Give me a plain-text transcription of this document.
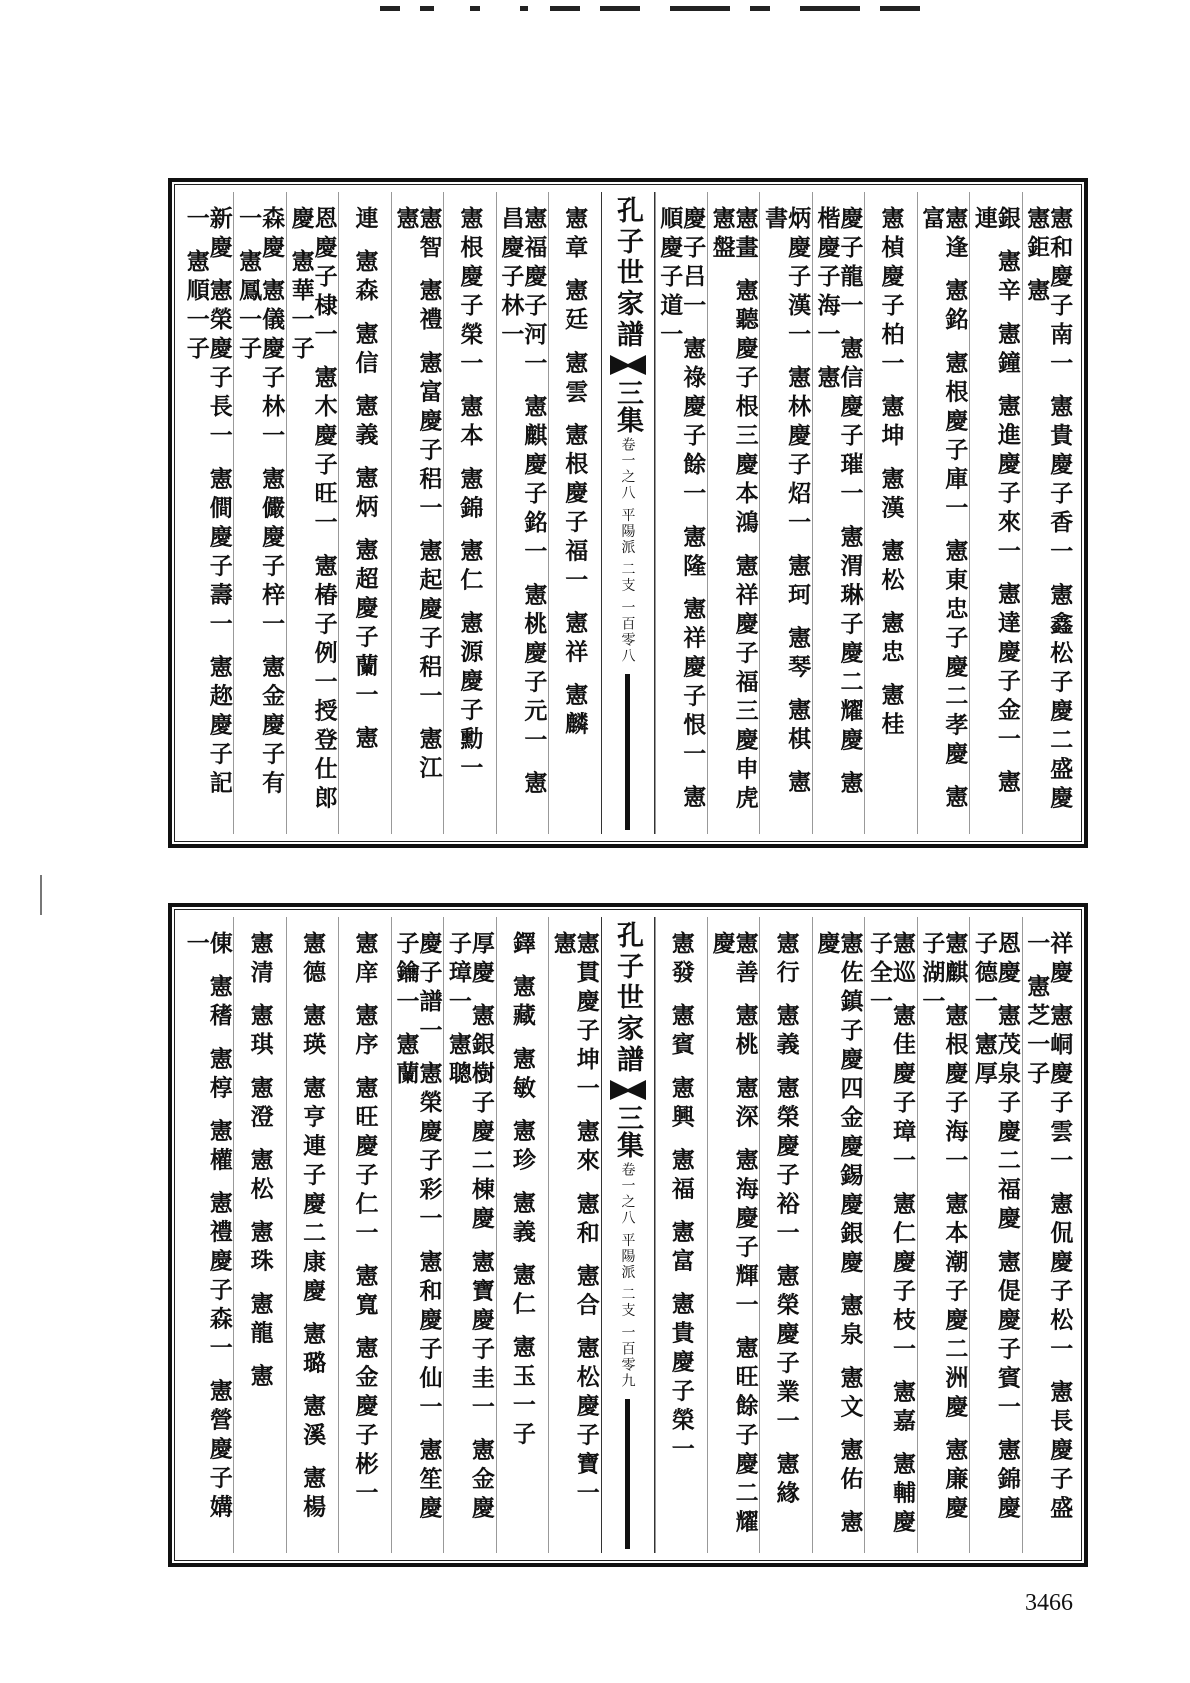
憲和慶子南一 憲貴慶子香一 憲鑫松子慶二盛慶 憲鉅 憲
銀 憲辛 憲鐘 憲進慶子來一 憲達慶子金一 憲連
憲逢 憲銘 憲根慶子庫一 憲東忠子慶二孝慶 憲富
憲楨慶子柏一 憲坤 憲漢 憲松 憲忠 憲桂
慶子龍一 憲信慶子璀一 憲渭琳子慶二耀慶 憲楷慶子海一 憲
炳慶子漢一 憲林慶子炤一 憲珂 憲琴 憲棋 憲書
憲畫 憲聽慶子根三慶本鴻 憲祥慶子福三慶申虎 憲盤
慶子吕一 憲祿慶子餘一 憲隆 憲祥慶子恨一 憲順慶子道一
孔子世家譜
三集
卷一之八 平陽派 二支 一百零八
憲章 憲廷 憲雲 憲根慶子福一 憲祥 憲麟
憲福慶子河一 憲麒慶子銘一 憲桃慶子元一 憲昌慶子林一
憲根慶子榮一 憲本 憲錦 憲仁 憲源慶子勳一
憲智 憲禮 憲富慶子稆一 憲起慶子稆一 憲江 憲
連 憲森 憲信 憲義 憲炳 憲超慶子蘭一 憲
恩慶子棣一 憲木慶子旺一 憲椿子例一授登仕郎慶 憲華一子
森慶 憲儀慶子林一 憲儼慶子梓一 憲金慶子有一 憲鳳一子
新慶 憲榮慶子長一 憲僴慶子壽一 憲趂慶子記一 憲順一子
祥慶 憲峒慶子雲一 憲侃慶子松一 憲長慶子盛一 憲芝一子
恩慶 憲茂泉子慶二福慶 憲偍慶子賓一 憲錦慶子德一 憲厚
憲麒 憲根慶子海一 憲本潮子慶二洲慶 憲廉慶子湖一
憲巡 憲佳慶子璋一 憲仁慶子枝一 憲嘉 憲輔慶子全一
憲佐鎮子慶四金慶錫慶銀慶 憲泉 憲文 憲佑 憲慶
憲行 憲義 憲榮慶子裕一 憲榮慶子業一 憲緣
憲善 憲桃 憲深 憲海慶子輝一 憲旺餘子慶二耀慶
憲發 憲賓 憲興 憲福 憲富 憲貴慶子榮一
孔子世家譜
三集
卷一之八 平陽派 二支 一百零九
憲貫慶子坤一 憲來 憲和 憲合 憲松慶子寶一 憲
鐸 憲藏 憲敏 憲珍 憲義 憲仁 憲玉一子
厚慶 憲銀樹子慶二棟慶 憲寶慶子圭一 憲金慶子璋一 憲聰
慶子譜一 憲榮慶子彩一 憲和慶子仙一 憲笙慶子鑰一 憲蘭
憲庠 憲序 憲旺慶子仁一 憲寬 憲金慶子彬一
憲德 憲瑛 憲亨連子慶二康慶 憲璐 憲溪 憲楊
憲清 憲琪 憲澄 憲松 憲珠 憲龍 憲
倲 憲䅲 憲椁 憲權 憲禮慶子森一 憲營慶子媾一
3466
